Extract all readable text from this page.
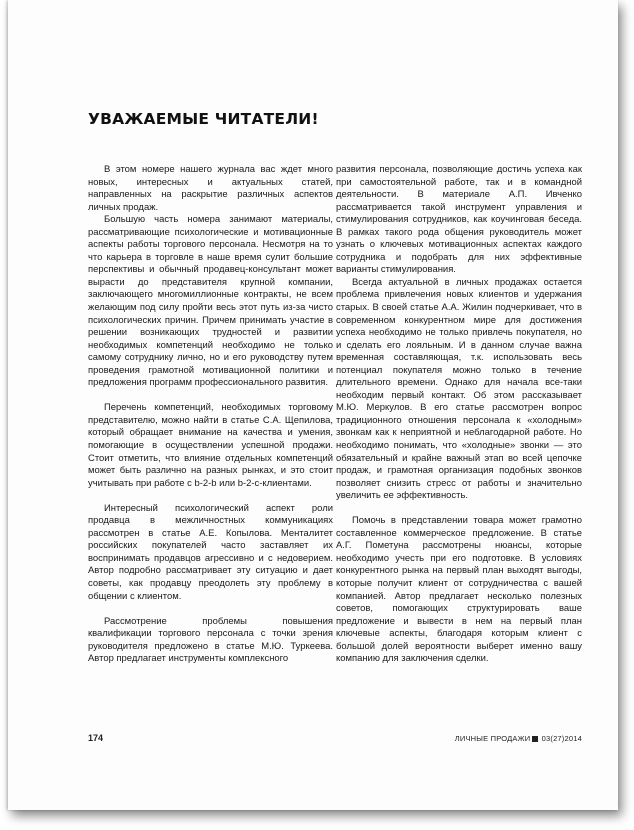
УВАЖАЕМЫЕ ЧИТАТЕЛИ!

В этом номере нашего журнала вас ждет много новых, интересных и актуальных статей, направленных на раскрытие различных аспектов личных продаж.

Большую часть номера занимают материалы, рассматривающие психологические и мотивационные аспекты работы торгового персонала. Несмотря на то что карьера в торговле в наше время сулит большие перспективы и обычный продавец-консультант может вырасти до представителя крупной компании, заключающего многомиллионные контракты, не всем желающим под силу пройти весь этот путь из-за чисто психологических причин. Причем принимать участие в решении возникающих трудностей и развитии необходимых компетенций необходимо не только самому сотруднику лично, но и его руководству путем проведения грамотной мотивационной политики и предложения программ профессионального развития.

Перечень компетенций, необходимых торговому представителю, можно найти в статье С.А. Щепилова, который обращает внимание на качества и умения, помогающие в осуществлении успешной продажи. Стоит отметить, что влияние отдельных компетенций может быть различно на разных рынках, и это стоит учитывать при работе с b-2-b или b-2-c-клиентами.

Интересный психологический аспект роли продавца в межличностных коммуникациях рассмотрен в статье А.Е. Копылова. Менталитет российских покупателей часто заставляет их воспринимать продавцов агрессивно и с недоверием. Автор подробно рассматривает эту ситуацию и дает советы, как продавцу преодолеть эту проблему в общении с клиентом.

Рассмотрение проблемы повышения квалификации торгового персонала с точки зрения руководителя предложено в статье М.Ю. Туркеева. Автор предлагает инструменты комплексного

развития персонала, позволяющие достичь успеха как при самостоятельной работе, так и в командной деятельности. В материале А.П. Ивченко рассматривается такой инструмент управления и стимулирования сотрудников, как коучинговая беседа. В рамках такого рода общения руководитель может узнать о ключевых мотивационных аспектах каждого сотрудника и подобрать для них эффективные варианты стимулирования.

Всегда актуальной в личных продажах остается проблема привлечения новых клиентов и удержания старых. В своей статье А.А. Жилин подчеркивает, что в современном конкурентном мире для достижения успеха необходимо не только привлечь покупателя, но и сделать его лояльным. И в данном случае важна временная составляющая, т.к. использовать весь потенциал покупателя можно только в течение длительного времени. Однако для начала все-таки необходим первый контакт. Об этом рассказывает М.Ю. Меркулов. В его статье рассмотрен вопрос традиционного отношения персонала к «холодным» звонкам как к неприятной и неблагодарной работе. Но необходимо понимать, что «холодные» звонки — это обязательный и крайне важный этап во всей цепочке продаж, и грамотная организация подобных звонков позволяет снизить стресс от работы и значительно увеличить ее эффективность.

Помочь в представлении товара может грамотно составленное коммерческое предложение. В статье А.Г. Пометуна рассмотрены нюансы, которые необходимо учесть при его подготовке. В условиях конкурентного рынка на первый план выходят выгоды, которые получит клиент от сотрудничества с вашей компанией. Автор предлагает несколько полезных советов, помогающих структурировать ваше предложение и вывести в нем на первый план ключевые аспекты, благодаря которым клиент с большой долей вероятности выберет именно вашу компанию для заключения сделки.

174	ЛИЧНЫЕ ПРОДАЖИ 03(27)2014
